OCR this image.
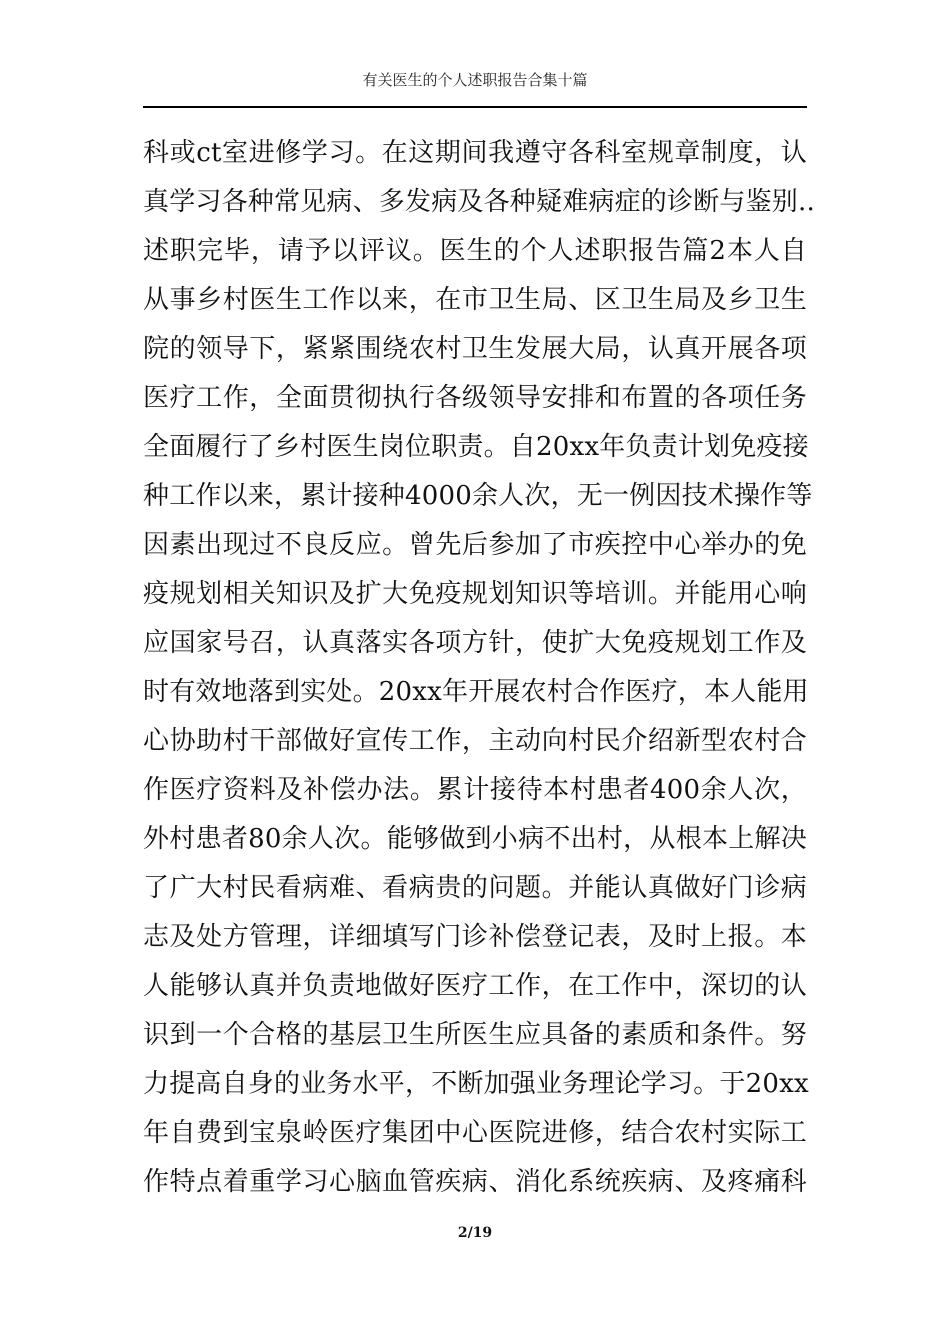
有关医生的个人述职报告合集十篇
科或ct室进修学习。在这期间我遵守各科室规章制度，认
真学习各种常见病、多发病及各种疑难病症的诊断与鉴别..
述职完毕，请予以评议。医生的个人述职报告篇2本人自
从事乡村医生工作以来，在市卫生局、区卫生局及乡卫生
院的领导下，紧紧围绕农村卫生发展大局，认真开展各项
医疗工作，全面贯彻执行各级领导安排和布置的各项任务
全面履行了乡村医生岗位职责。自20xx年负责计划免疫接
种工作以来，累计接种4000余人次，无一例因技术操作等
因素出现过不良反应。曾先后参加了市疾控中心举办的免
疫规划相关知识及扩大免疫规划知识等培训。并能用心响
应国家号召，认真落实各项方针，使扩大免疫规划工作及
时有效地落到实处。20xx年开展农村合作医疗，本人能用
心协助村干部做好宣传工作，主动向村民介绍新型农村合
作医疗资料及补偿办法。累计接待本村患者400余人次，
外村患者80余人次。能够做到小病不出村，从根本上解决
了广大村民看病难、看病贵的问题。并能认真做好门诊病
志及处方管理，详细填写门诊补偿登记表，及时上报。本
人能够认真并负责地做好医疗工作，在工作中，深切的认
识到一个合格的基层卫生所医生应具备的素质和条件。努
力提高自身的业务水平，不断加强业务理论学习。于20xx
年自费到宝泉岭医疗集团中心医院进修，结合农村实际工
作特点着重学习心脑血管疾病、消化系统疾病、及疼痛科
2/19
